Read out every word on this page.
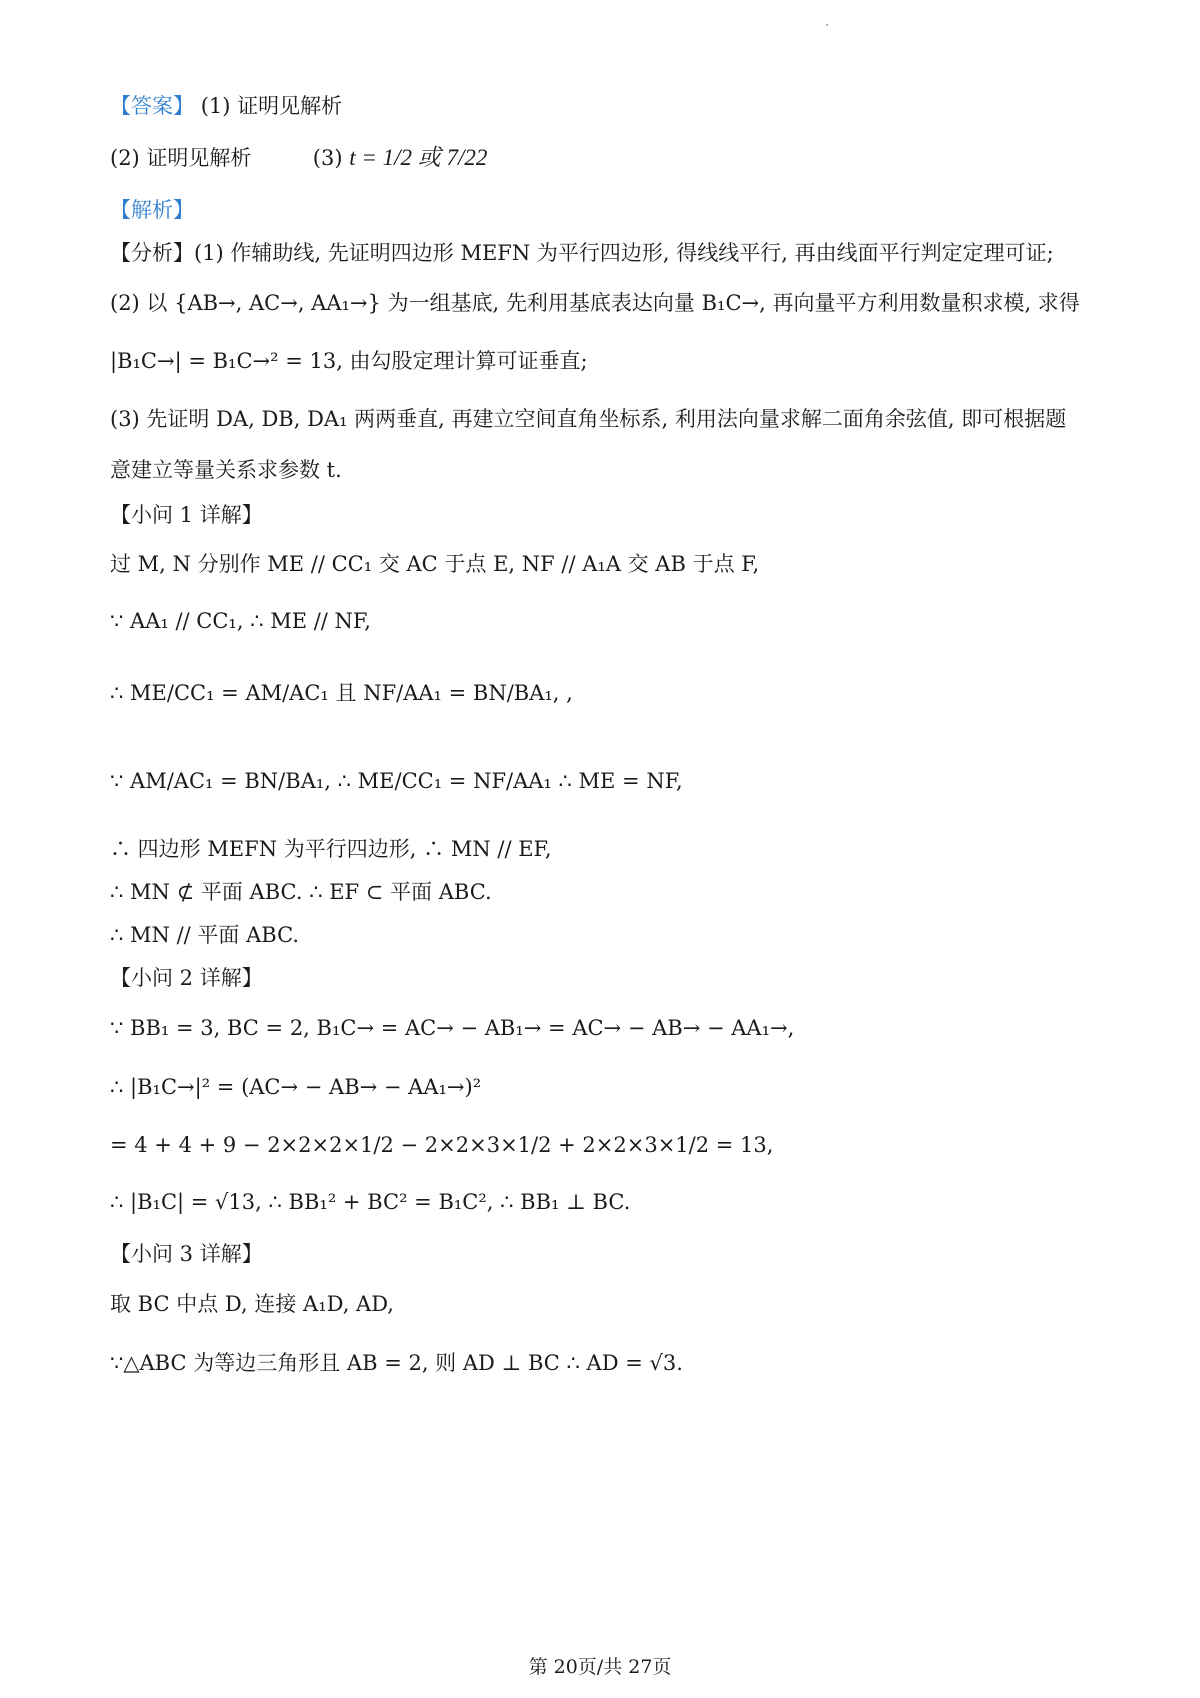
【答案】 (1) 证明见解析
(2) 证明见解析	(3) t = 1/2 或 7/22
【解析】
【分析】(1) 作辅助线, 先证明四边形 MEFN 为平行四边形, 得线线平行, 再由线面平行判定定理可证;
(2) 以 {AB→, AC→, AA₁→} 为一组基底, 先利用基底表达向量 B₁C→, 再向量平方利用数量积求模, 求得
|B₁C→| = B₁C→² = 13, 由勾股定理计算可证垂直;
(3) 先证明 DA, DB, DA₁ 两两垂直, 再建立空间直角坐标系, 利用法向量求解二面角余弦值, 即可根据题
意建立等量关系求参数 t.
【小问 1 详解】
过 M, N 分别作 ME // CC₁ 交 AC 于点 E, NF // A₁A 交 AB 于点 F,
∵ AA₁ // CC₁, ∴ ME // NF,
∴ ME/CC₁ = AM/AC₁ 且 NF/AA₁ = BN/BA₁, ,
∵ AM/AC₁ = BN/BA₁, ∴ ME/CC₁ = NF/AA₁ ∴ ME = NF,
∴ 四边形 MEFN 为平行四边形, ∴ MN // EF,
∴ MN ⊄ 平面 ABC. ∴ EF ⊂ 平面 ABC.
∴ MN // 平面 ABC.
【小问 2 详解】
∵ BB₁ = 3, BC = 2, B₁C→ = AC→ − AB₁→ = AC→ − AB→ − AA₁→,
∴ |B₁C→|² = (AC→ − AB→ − AA₁→)²
= 4 + 4 + 9 − 2×2×2×1/2 − 2×2×3×1/2 + 2×2×3×1/2 = 13,
∴ |B₁C| = √13, ∴ BB₁² + BC² = B₁C², ∴ BB₁ ⊥ BC.
【小问 3 详解】
取 BC 中点 D, 连接 A₁D, AD,
∵△ABC 为等边三角形且 AB = 2, 则 AD ⊥ BC ∴ AD = √3.
第 20页/共 27页
